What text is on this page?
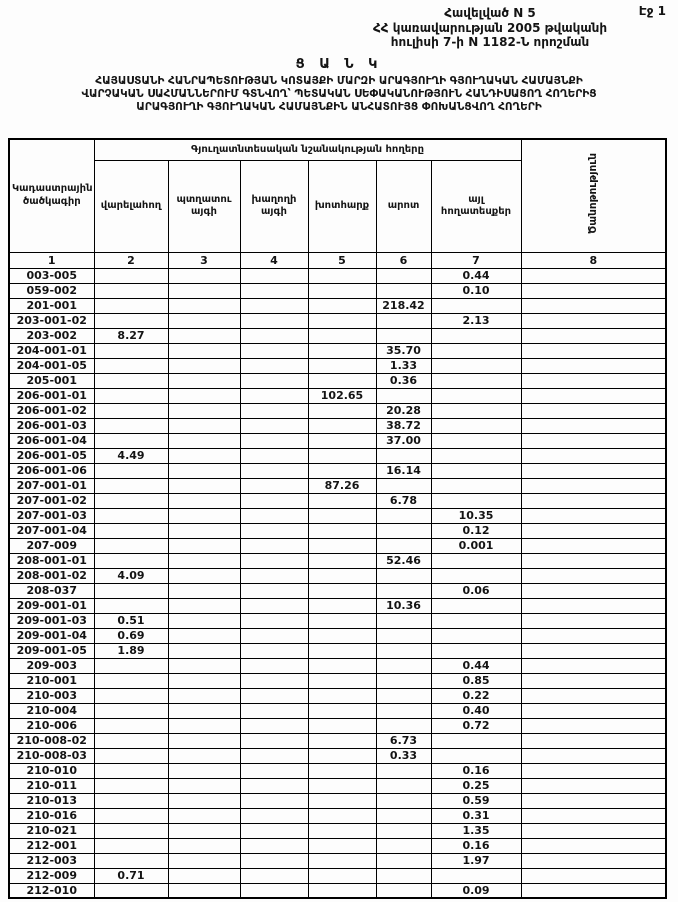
Էջ 1
Հավելված N 5
ՀՀ կառավարության 2005 թվականի
հուլիսի 7-ի N 1182-Ն որոշման
Ց Ա Ն Կ
ՀԱՅԱՍՏԱՆԻ ՀԱՆՐԱՊԵՏՈՒԹՅԱՆ ԿՈՏԱՅՔԻ ՄԱՐԶԻ ԱՐԱԳՅՈՒՂԻ ԳՅՈՒՂԱԿԱՆ ՀԱՄԱՅՆՔԻ
ՎԱՐՉԱԿԱՆ ՍԱՀՄԱՆՆԵՐՈՒՄ ԳՏՆՎՈՂ՝ ՊԵՏԱԿԱՆ ՍԵՓԱԿԱՆՈՒԹՅՈՒՆ ՀԱՆԴԻՍԱՑՈՂ ՀՈՂԵՐԻՑ
ԱՐԱԳՅՈՒՂԻ ԳՅՈՒՂԱԿԱՆ ՀԱՄԱՅՆՔԻՆ ԱՆՀԱՏՈՒՅՑ ՓՈԽԱՆՑՎՈՂ ՀՈՂԵՐԻ
Կադաստրային ծածկագիր	Գյուղատնտեսական նշանակության հողերը						Ծանոթություն
	վարելահող	պտղատու այգի	խաղողի այգի	խոտհարք	արոտ	այլ հողատեսքեր	
1	2	3	4	5	6	7	8
003-005						0.44	
059-002						0.10	
201-001					218.42		
203-001-02						2.13	
203-002	8.27						
204-001-01					35.70		
204-001-05					1.33		
205-001					0.36		
206-001-01				102.65			
206-001-02					20.28		
206-001-03					38.72		
206-001-04					37.00		
206-001-05	4.49						
206-001-06					16.14		
207-001-01				87.26			
207-001-02					6.78		
207-001-03						10.35	
207-001-04						0.12	
207-009						0.001	
208-001-01					52.46		
208-001-02	4.09						
208-037						0.06	
209-001-01					10.36		
209-001-03	0.51						
209-001-04	0.69						
209-001-05	1.89						
209-003						0.44	
210-001						0.85	
210-003						0.22	
210-004						0.40	
210-006						0.72	
210-008-02					6.73		
210-008-03					0.33		
210-010						0.16	
210-011						0.25	
210-013						0.59	
210-016						0.31	
210-021						1.35	
212-001						0.16	
212-003						1.97	
212-009	0.71						
212-010						0.09	
